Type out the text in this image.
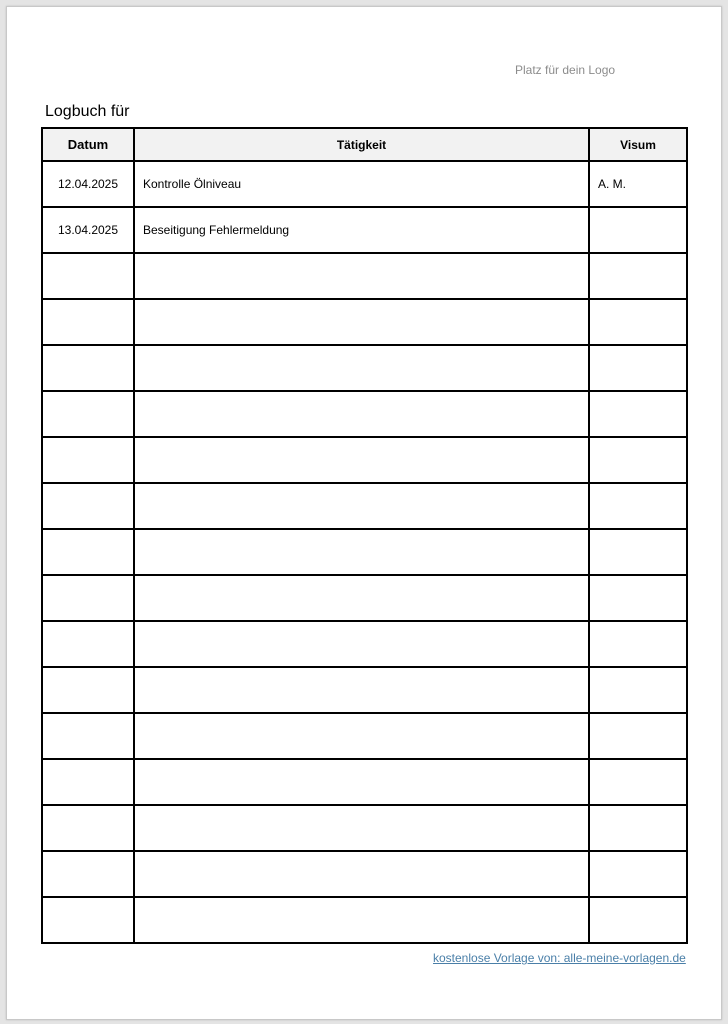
Platz für dein Logo
Logbuch für
Datum	Tätigkeit	Visum
12.04.2025	Kontrolle Ölniveau	A. M.
13.04.2025	Beseitigung Fehlermeldung	

kostenlose Vorlage von: alle-meine-vorlagen.de
